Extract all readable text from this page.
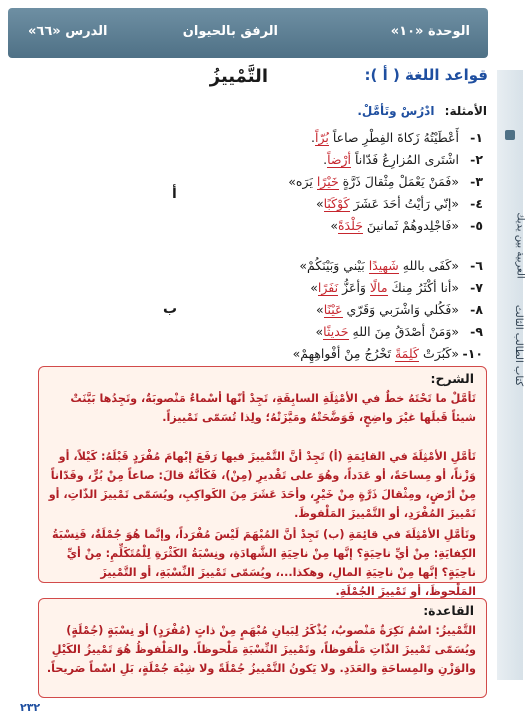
الوحدة «١٠»
الرفق بالحيوان
الدرس «٦٦»
كتاب الطالب الثالث
العربية بين يديك
قواعد اللغة ( أ ):
التَّمْييزُ
الأمثلة: ادْرُسْ وتَأمَّلْ.
أ
ب
١-أَعْطَيْتُهُ زَكاةَ الفِطْرِ صاعاً بُرّاً.
٢-اشْتَرى المُزارِعُ فَدّاناً أرْضاً.
٣-«فَمَنْ يَعْمَلْ مِثْقالَ ذَرَّةٍ خَيْرًا يَرَه»
٤-«إنّي رَأيْتُ أحَدَ عَشَرَ كَوْكَبًا»
٥-«فَاجْلِدوهُمْ ثَمانينَ جَلْدَةً»
٦-«كَفَى باللهِ شَهيدًا بَيْني وَبَيْنَكُمْ»
٧-«أنا أكْثَرُ مِنكَ مالًا وَأعَزُّ نَفَرًا»
٨-«فَكُلي وَاشْرَبي وَقَرّي عَيْنًا»
٩-«وَمَنْ أصْدَقُ مِنَ اللهِ حَديثًا»
١٠-«كَبُرَتْ كَلِمَةً تَخْرُجُ مِنْ أفْواهِهِمْ»
الشرح:
تَأمَّلْ ما تَحْتَهُ خطٌ في الأمْثِلَةِ السابِقَةِ، تَجِدْ أنّها أسْماءٌ مَنْصوبَةٌ، وتَجِدُها بَيَّنَتْ شيئاً قَبلَها غيْرَ واضِحٍ، فَوَضَّحَتْهُ ومَيَّزَتْهُ؛ ولِذا تُسَمّى تَمْييزاً.
تَأمَّلِ الأمْثِلَةَ في القائِمَةِ (أ) تَجِدْ أنَّ التَّمْييزَ فيها رَفَعَ إبْهامَ مُفْرَدٍ قَبْلَهُ: كَيْلاً، أو وَزْناً، أو مِساحَةً، أو عَدَداً، وهُوَ على تَقْديرِ (مِنْ)، فَكَأنَّهُ قالَ: صاعاً مِنْ بُرٍّ، وفَدّاناً مِنْ أرْضٍ، ومِثْقالَ ذَرَّةٍ مِنْ خَيْرٍ، وأحَدَ عَشَرَ مِنَ الكَواكِبِ، ويُسَمّى تَمْييزَ الذّاتِ، أو تَمْييزَ المُفْرَدِ، أو التَّمْييزَ المَلْفوظَ.
وتَأمَّلِ الأمْثِلَةَ في قائِمَةِ (ب) تَجِدْ أنَّ المُبْهَمَ لَيْسَ مُفْرَداً، وإنَّما هُوَ جُمْلَةٌ، فَنِسْبَةُ الكِفايَةِ: مِنْ أيِّ ناحِيَةٍ؟ إنَّها مِنْ ناحِيَةِ الشَّهادَةِ، ونِسْبَةُ الكَثْرَةِ لِلْمُتَكَلِّمِ: مِنْ أيِّ ناحِيَةٍ؟ إنَّها مِنْ ناحِيَةِ المالِ، وهكذا...، ويُسَمّى تَمْييزَ النِّسْبَةِ، أو التَّمْييزَ المَلْحوظَ، أو تَمْييزَ الجُمْلَةِ.
القاعدة:
التَّمْييزُ: اسْمٌ نَكِرَةٌ مَنْصوبٌ، يُذْكَرُ لِبَيانِ مُبْهَمٍ مِنْ ذاتٍ (مُفْرَدٍ) أو نِسْبَةٍ (جُمْلَةٍ) ويُسَمّى تَمْييزَ الذّاتِ مَلْفوظاً، وتَمْييزَ النِّسْبَةِ مَلْحوظاً. والمَلْفوظُ هُوَ تَمْييزُ الكَيْلِ والوَزْنِ والمِساحَةِ والعَدَدِ. ولا يَكونُ التَّمْييزُ جُمْلَةً ولا شِبْهَ جُمْلَةٍ، بَلِ اسْماً صَريحاً.
٢٣٢
